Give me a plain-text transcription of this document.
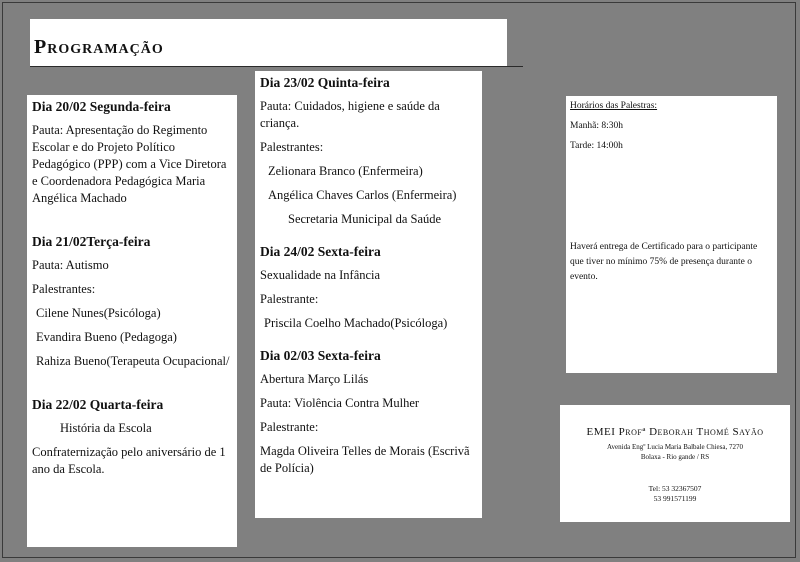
Programação

Dia 20/02 Segunda-feira

Pauta: Apresentação do Regimento Escolar e do Projeto Político Pedagógico (PPP) com a Vice Diretora e Coordenadora Pedagógica Maria Angélica Machado

Dia 21/02Terça-feira

Pauta: Autismo

Palestrantes:

Cilene Nunes(Psicóloga)

Evandira Bueno (Pedagoga)

Rahiza Bueno(Terapeuta Ocupacional/

Dia 22/02 Quarta-feira

História da Escola

Confraternização pelo aniversário de 1 ano da Escola.

Dia 23/02 Quinta-feira

Pauta: Cuidados, higiene e saúde da criança.

Palestrantes:

Zelionara Branco (Enfermeira)

Angélica Chaves Carlos (Enfermeira)

Secretaria Municipal da Saúde

Dia 24/02 Sexta-feira

Sexualidade na Infância

Palestrante:

Priscila Coelho Machado(Psicóloga)

Dia 02/03 Sexta-feira

Abertura Março Lilás

Pauta: Violência Contra Mulher

Palestrante:

Magda Oliveira Telles de Morais (Escrivã de Polícia)

Horários das Palestras:

Manhã: 8:30h

Tarde: 14:00h

Haverá entrega de Certificado para o participante que tiver no mínimo 75% de presença durante o evento.

EMEI Profª Deborah Thomé Sayão
Avenida Engº Lucia Maria Balbale Chiesa, 7270
Bolaxa - Rio gande / RS
Tel: 53 32367507
53 991571199
